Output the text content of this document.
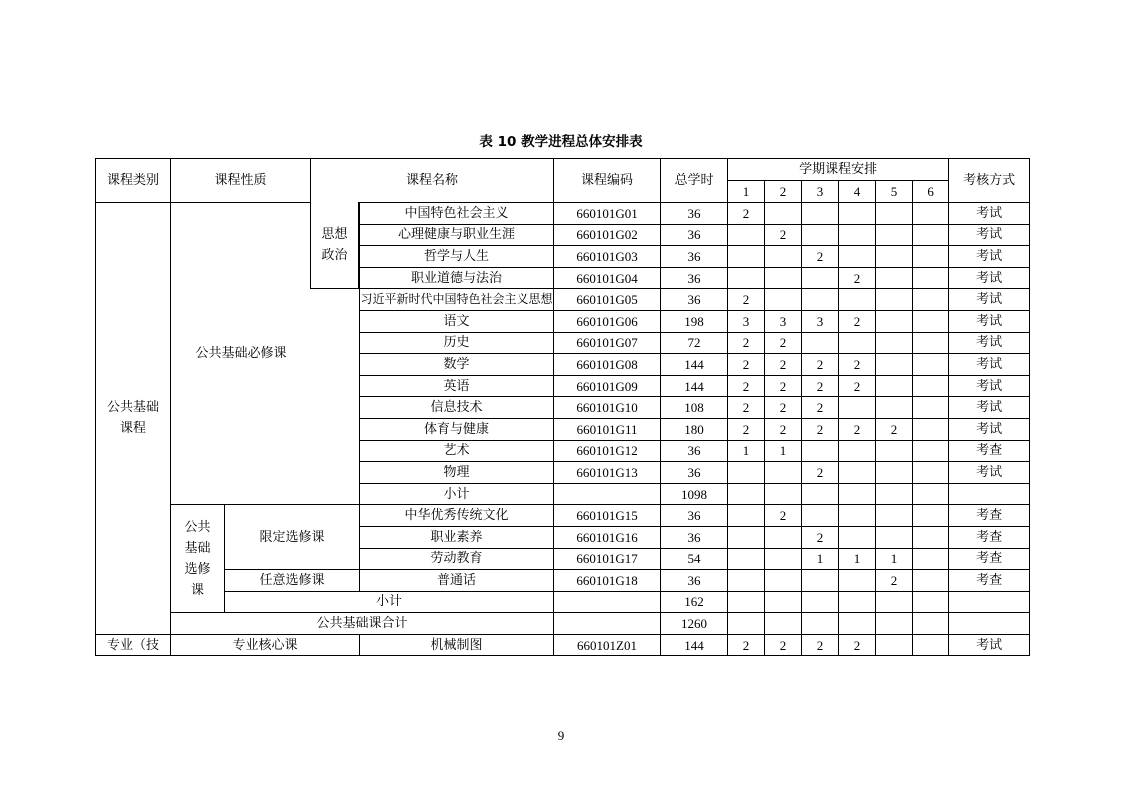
表 10 教学进程总体安排表
课程类别	课程性质		课程名称		课程编码	总学时	学期课程安排						考核方式
							1	2	3	4	5	6	
公共基础课程	公共基础必修课			中国特色社会主义	660101G01	36	2						考试
				心理健康与职业生涯	660101G02	36		2					考试
				哲学与人生	660101G03	36			2				考试
				职业道德与法治	660101G04	36				2			考试
				习近平新时代中国特色社会主义思想	660101G05	36	2						考试
				语文	660101G06	198	3	3	3	2			考试
				历史	660101G07	72	2	2					考试
				数学	660101G08	144	2	2	2	2			考试
				英语	660101G09	144	2	2	2	2			考试
				信息技术	660101G10	108	2	2	2				考试
				体育与健康	660101G11	180	2	2	2	2	2		考试
				艺术	660101G12	36	1	1					考查
				物理	660101G13	36			2				考试
				小计		1098							
	公共基础选修课	限定选修课		中华优秀传统文化	660101G15	36		2					考查
				职业素养	660101G16	36			2				考查
				劳动教育	660101G17	54			1	1	1		考查
		任意选修课		普通话	660101G18	36					2		考查
		小计				162							
	公共基础课合计					1260							
专业（技	专业核心课			机械制图	660101Z01	144	2	2	2	2			考试
思想政治
9
